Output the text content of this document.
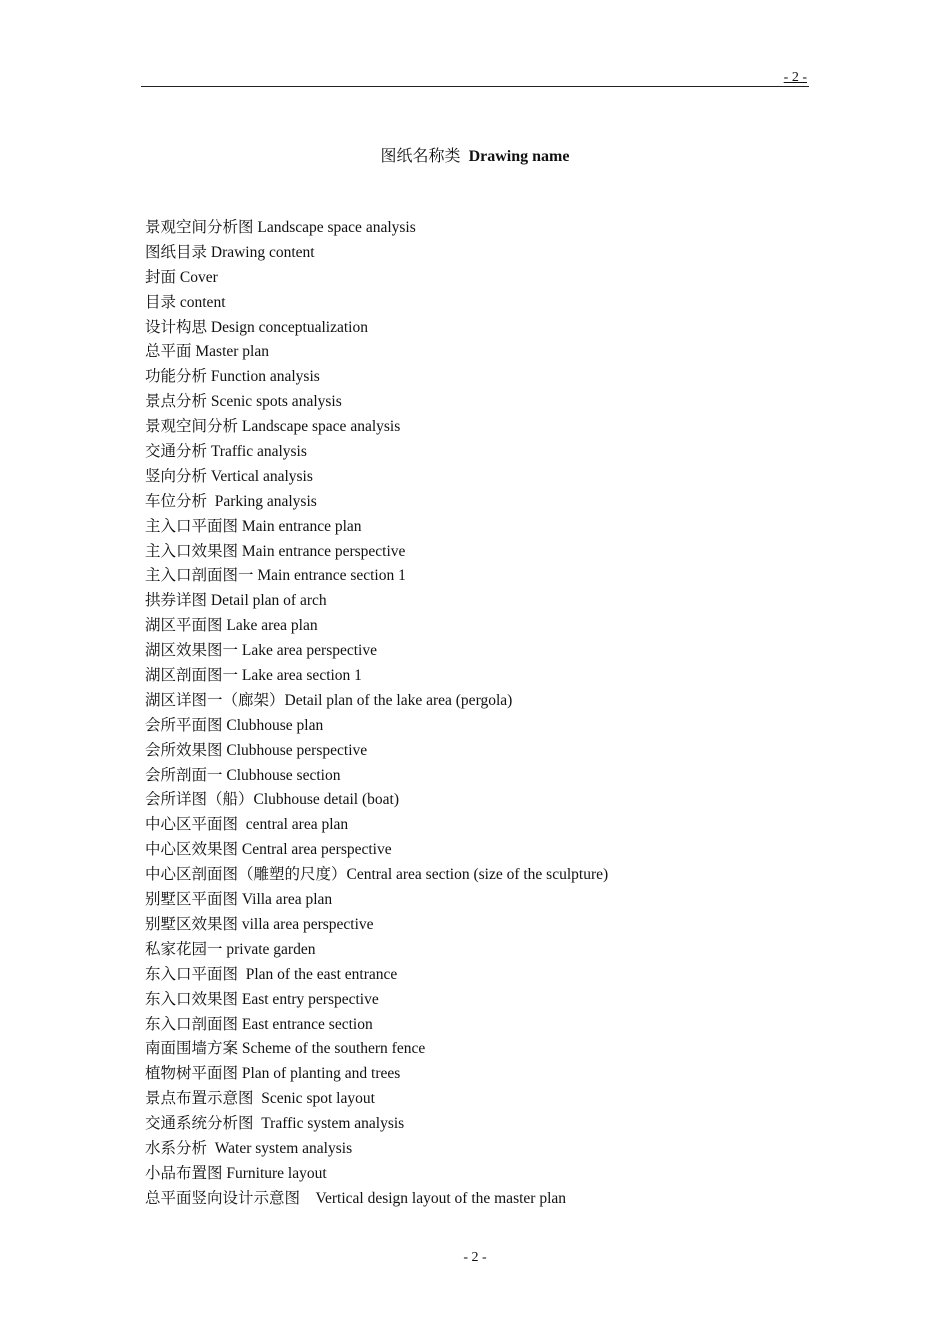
- 2 -
图纸名称类 Drawing name
景观空间分析图 Landscape space analysis
图纸目录 Drawing content
封面 Cover
目录 content
设计构思 Design conceptualization
总平面 Master plan
功能分析 Function analysis
景点分析 Scenic spots analysis
景观空间分析 Landscape space analysis
交通分析 Traffic analysis
竖向分析 Vertical analysis
车位分析  Parking analysis
主入口平面图 Main entrance plan
主入口效果图 Main entrance perspective
主入口剖面图一 Main entrance section 1
拱券详图 Detail plan of arch
湖区平面图 Lake area plan
湖区效果图一 Lake area perspective
湖区剖面图一 Lake area section 1
湖区详图一（廊架）Detail plan of the lake area (pergola)
会所平面图 Clubhouse plan
会所效果图 Clubhouse perspective
会所剖面一 Clubhouse section
会所详图（船）Clubhouse detail (boat)
中心区平面图  central area plan
中心区效果图 Central area perspective
中心区剖面图（雕塑的尺度）Central area section (size of the sculpture)
别墅区平面图 Villa area plan
别墅区效果图 villa area perspective
私家花园一 private garden
东入口平面图  Plan of the east entrance
东入口效果图 East entry perspective
东入口剖面图 East entrance section
南面围墙方案 Scheme of the southern fence
植物树平面图 Plan of planting and trees
景点布置示意图  Scenic spot layout
交通系统分析图  Traffic system analysis
水系分析  Water system analysis
小品布置图 Furniture layout
总平面竖向设计示意图    Vertical design layout of the master plan
- 2 -
